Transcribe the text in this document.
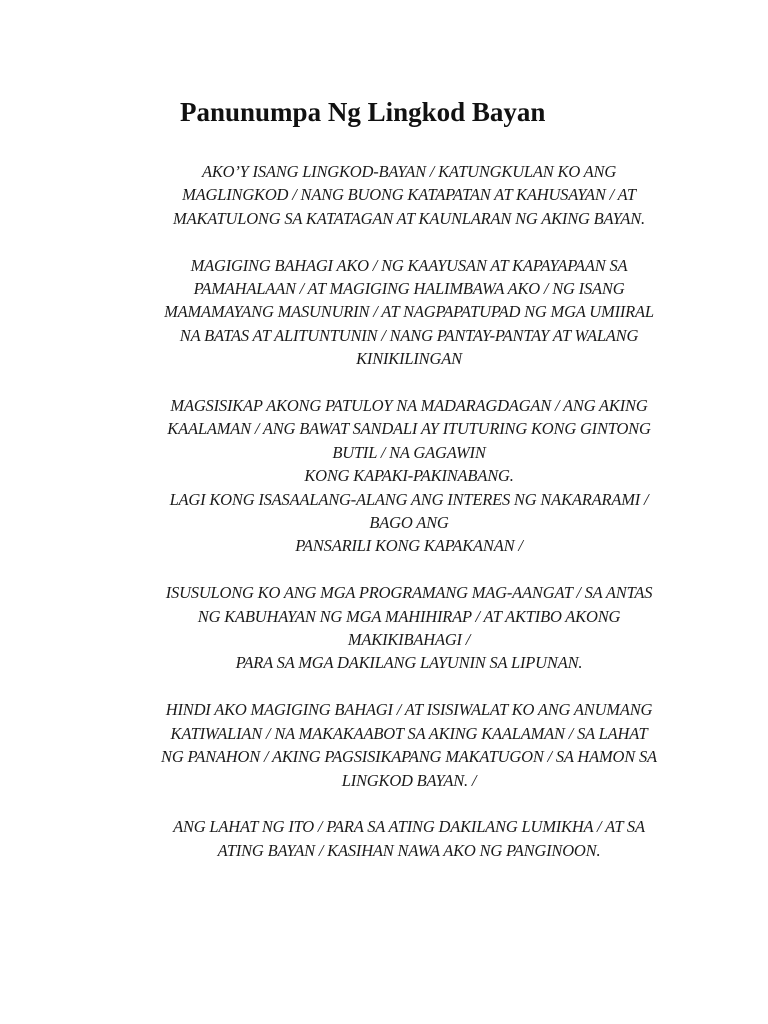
Panunumpa Ng Lingkod Bayan

AKO’Y ISANG LINGKOD-BAYAN / KATUNGKULAN KO ANG
MAGLINGKOD / NANG BUONG KATAPATAN AT KAHUSAYAN / AT
MAKATULONG SA KATATAGAN AT KAUNLARAN NG AKING BAYAN.

MAGIGING BAHAGI AKO / NG KAAYUSAN AT KAPAYAPAAN SA
PAMAHALAAN / AT MAGIGING HALIMBAWA AKO / NG ISANG
MAMAMAYANG MASUNURIN / AT NAGPAPATUPAD NG MGA UMIIRAL
NA BATAS AT ALITUNTUNIN / NANG PANTAY-PANTAY AT WALANG
KINIKILINGAN

MAGSISIKAP AKONG PATULOY NA MADARAGDAGAN / ANG AKING
KAALAMAN / ANG BAWAT SANDALI AY ITUTURING KONG GINTONG
BUTIL / NA GAGAWIN
KONG KAPAKI-PAKINABANG.
LAGI KONG ISASAALANG-ALANG ANG INTERES NG NAKARARAMI /
BAGO ANG
PANSARILI KONG KAPAKANAN /

ISUSULONG KO ANG MGA PROGRAMANG MAG-AANGAT / SA ANTAS
NG KABUHAYAN NG MGA MAHIHIRAP / AT AKTIBO AKONG
MAKIKIBAHAGI /
PARA SA MGA DAKILANG LAYUNIN SA LIPUNAN.

HINDI AKO MAGIGING BAHAGI / AT ISISIWALAT KO ANG ANUMANG
KATIWALIAN / NA MAKAKAABOT SA AKING KAALAMAN / SA LAHAT
NG PANAHON / AKING PAGSISIKAPANG MAKATUGON / SA HAMON SA
LINGKOD BAYAN. /

ANG LAHAT NG ITO / PARA SA ATING DAKILANG LUMIKHA / AT SA
ATING BAYAN / KASIHAN NAWA AKO NG PANGINOON.
